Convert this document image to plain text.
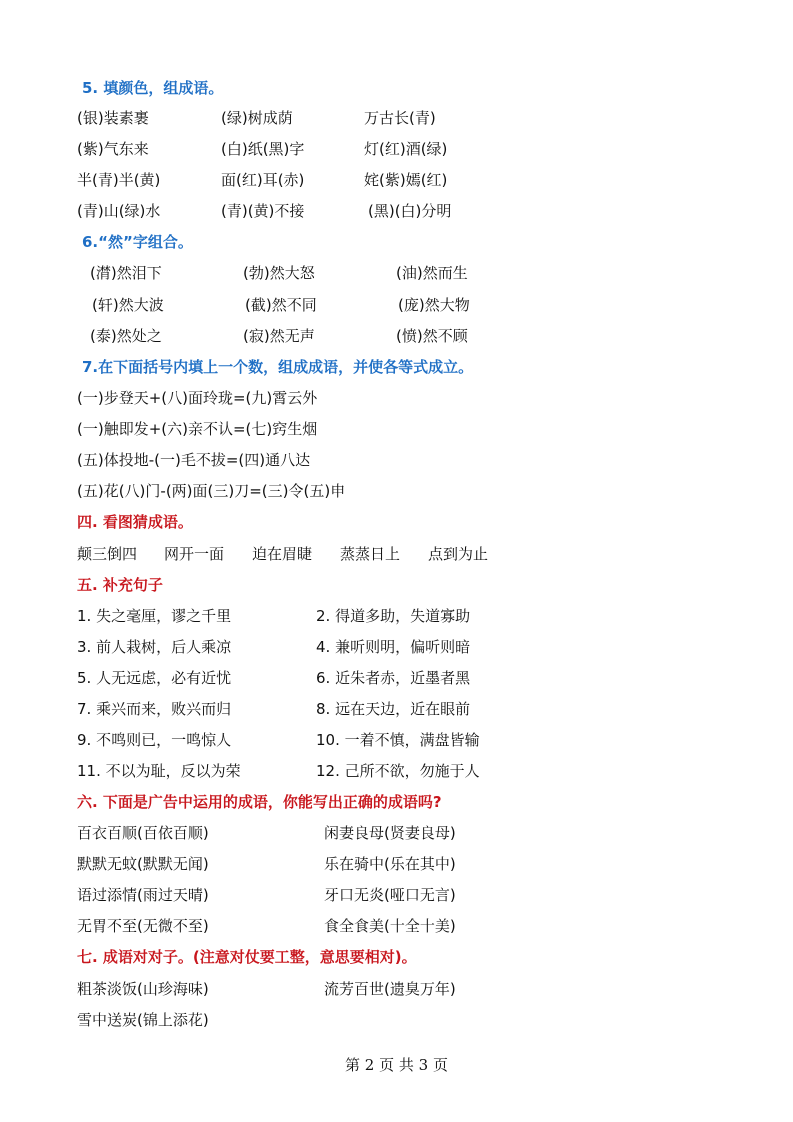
5. 填颜色，组成语。
(银)装素裹	(绿)树成荫	万古长(青)
(紫)气东来	(白)纸(黑)字	灯(红)酒(绿)
半(青)半(黄)	面(红)耳(赤)	姹(紫)嫣(红)
(青)山(绿)水	(青)(黄)不接	(黑)(白)分明
6.“然”字组合。
(潸)然泪下	(勃)然大怒	(油)然而生
(轩)然大波	(截)然不同	(庞)然大物
(泰)然处之	(寂)然无声	(愤)然不顾
7.在下面括号内填上一个数，组成成语，并使各等式成立。
(一)步登天+(八)面玲珑=(九)霄云外
(一)触即发+(六)亲不认=(七)窍生烟
(五)体投地-(一)毛不拔=(四)通八达
(五)花(八)门-(两)面(三)刀=(三)令(五)申
四. 看图猜成语。
颠三倒四 网开一面 迫在眉睫 蒸蒸日上 点到为止
五. 补充句子
1. 失之毫厘，谬之千里	2. 得道多助，失道寡助
3. 前人栽树，后人乘凉	4. 兼听则明，偏听则暗
5. 人无远虑，必有近忧	6. 近朱者赤，近墨者黑
7. 乘兴而来，败兴而归	8. 远在天边，近在眼前
9. 不鸣则已，一鸣惊人	10. 一着不慎，满盘皆输
11. 不以为耻，反以为荣	12. 己所不欲，勿施于人
六. 下面是广告中运用的成语，你能写出正确的成语吗?
百衣百顺(百依百顺)	闲妻良母(贤妻良母)
默默无蚊(默默无闻)	乐在骑中(乐在其中)
语过添情(雨过天晴)	牙口无炎(哑口无言)
无胃不至(无微不至)	食全食美(十全十美)
七. 成语对对子。(注意对仗要工整，意思要相对)。
粗茶淡饭(山珍海味)	流芳百世(遗臭万年)
雪中送炭(锦上添花)
第 2 页 共 3 页
